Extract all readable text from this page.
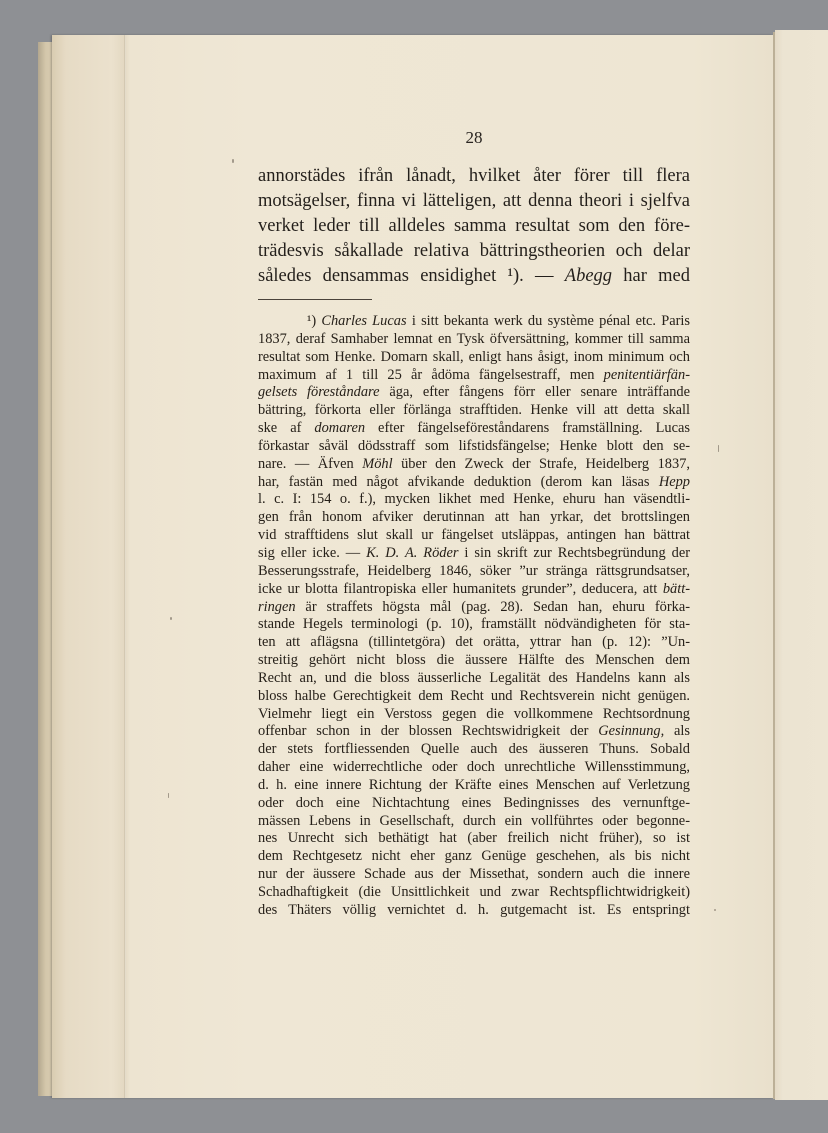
28
annorstädes ifrån lånadt, hvilket åter förer till flera
motsägelser, finna vi lätteligen, att denna theori i sjelfva
verket leder till alldeles samma resultat som den före-
trädesvis såkallade relativa bättringstheorien och delar
således densammas ensidighet ¹). — Abegg har med
¹) Charles Lucas i sitt bekanta werk du système pénal etc. Paris
1837, deraf Samhaber lemnat en Tysk öfversättning, kommer till samma
resultat som Henke. Domarn skall, enligt hans åsigt, inom minimum och
maximum af 1 till 25 år ådöma fängelsestraff, men penitentiärfän-
gelsets föreståndare äga, efter fångens förr eller senare inträffande
bättring, förkorta eller förlänga strafftiden. Henke vill att detta skall
ske af domaren efter fängelseföreståndarens framställning. Lucas
förkastar såväl dödsstraff som lifstidsfängelse; Henke blott den se-
nare. — Äfven Möhl über den Zweck der Strafe, Heidelberg 1837,
har, fastän med något afvikande deduktion (derom kan läsas Hepp
l. c. I: 154 o. f.), mycken likhet med Henke, ehuru han väsendtli-
gen från honom afviker derutinnan att han yrkar, det brottslingen
vid strafftidens slut skall ur fängelset utsläppas, antingen han bättrat
sig eller icke. — K. D. A. Röder i sin skrift zur Rechtsbegründung der
Besserungsstrafe, Heidelberg 1846, söker ”ur stränga rättsgrundsatser,
icke ur blotta filantropiska eller humanitets grunder”, deducera, att bätt-
ringen är straffets högsta mål (pag. 28). Sedan han, ehuru förka-
stande Hegels terminologi (p. 10), framställt nödvändigheten för sta-
ten att aflägsna (tillintetgöra) det orätta, yttrar han (p. 12): ”Un-
streitig gehört nicht bloss die äussere Hälfte des Menschen dem
Recht an, und die bloss äusserliche Legalität des Handelns kann als
bloss halbe Gerechtigkeit dem Recht und Rechtsverein nicht genügen.
Vielmehr liegt ein Verstoss gegen die vollkommene Rechtsordnung
offenbar schon in der blossen Rechtswidrigkeit der Gesinnung, als
der stets fortfliessenden Quelle auch des äusseren Thuns. Sobald
daher eine widerrechtliche oder doch unrechtliche Willensstimmung,
d. h. eine innere Richtung der Kräfte eines Menschen auf Verletzung
oder doch eine Nichtachtung eines Bedingnisses des vernunftge-
mässen Lebens in Gesellschaft, durch ein vollführtes oder begonne-
nes Unrecht sich bethätigt hat (aber freilich nicht früher), so ist
dem Rechtgesetz nicht eher ganz Genüge geschehen, als bis nicht
nur der äussere Schade aus der Missethat, sondern auch die innere
Schadhaftigkeit (die Unsittlichkeit und zwar Rechtspflichtwidrigkeit)
des Thäters völlig vernichtet d. h. gutgemacht ist. Es entspringt
